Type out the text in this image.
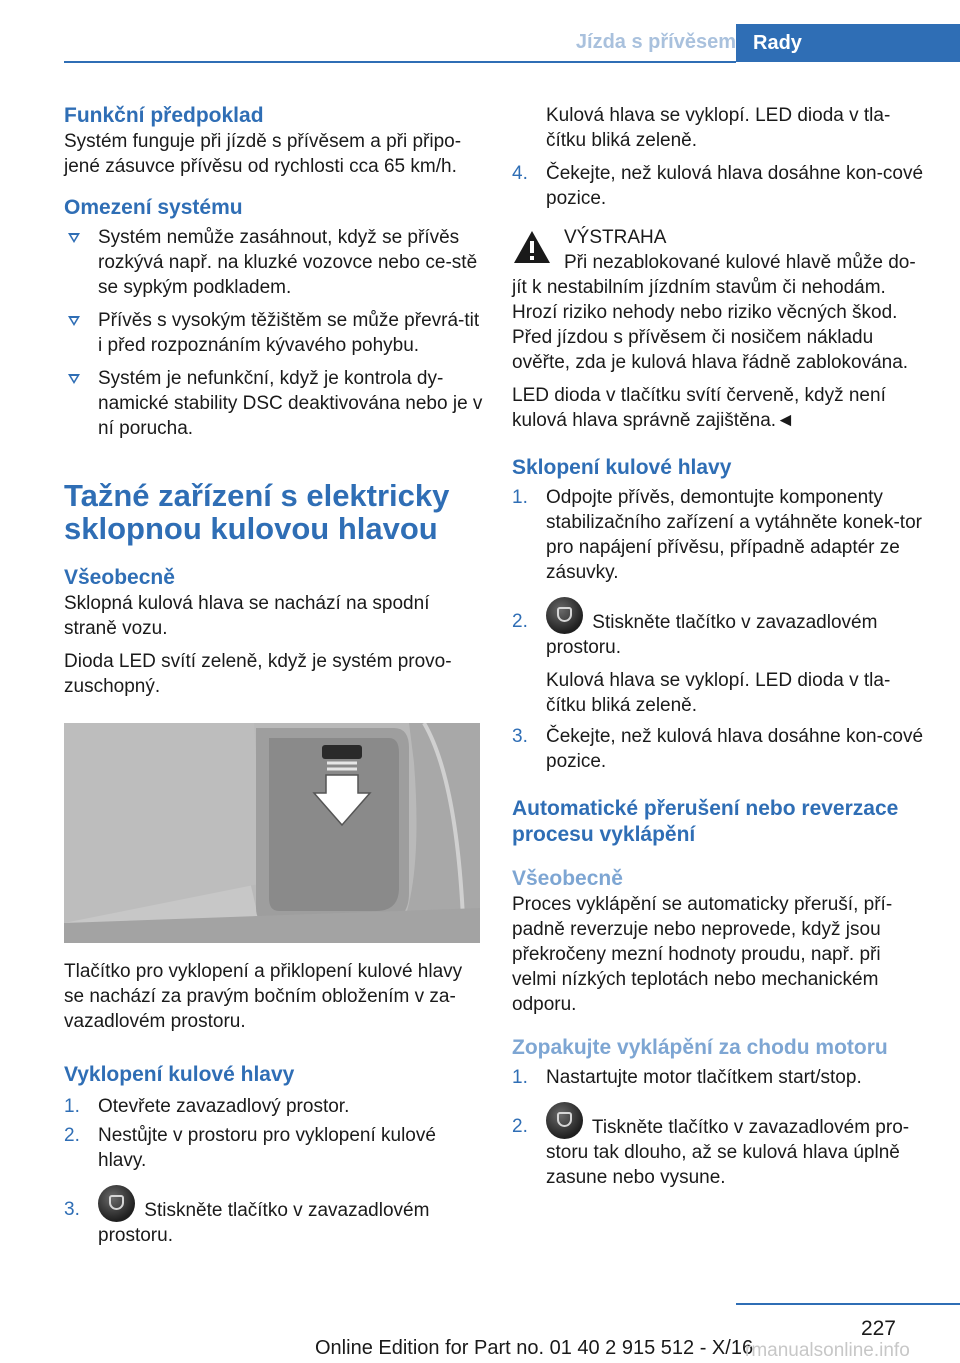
Jízda s přívěsem Rady
Funkční předpoklad

Systém funguje při jízdě s přívěsem a při připo‐jené zásuvce přívěsu od rychlosti cca 65 km/h.

Omezení systému
Systém nemůže zasáhnout, když se přívěs rozkývá např. na kluzké vozovce nebo ce‐stě se sypkým podkladem.
Přívěs s vysokým těžištěm se může převrá‐tit i před rozpoznáním kývavého pohybu.
Systém je nefunkční, když je kontrola dy‐namické stability DSC deaktivována nebo je v ní porucha.
Tažné zařízení s elektricky sklopnou kulovou hlavou
Všeobecně

Sklopná kulová hlava se nachází na spodní straně vozu.

Dioda LED svítí zeleně, když je systém provo‐zuschopný.

Tlačítko pro vyklopení a přiklopení kulové hlavy se nachází za pravým bočním obložením v za‐vazadlovém prostoru.

Vyklopení kulové hlavy
1. Otevřete zavazadlový prostor.
2. Nestůjte v prostoru pro vyklopení kulové hlavy.
3.	Stiskněte tlačítko v zavazadlovém prostoru.

Kulová hlava se vyklopí. LED dioda v tla‐čítku bliká zeleně.

4. Čekejte, než kulová hlava dosáhne kon‐cové pozice.

VÝSTRAHA

Při nezablokované kulové hlavě může do‐jít k nestabilním jízdním stavům či nehodám. Hrozí riziko nehody nebo riziko věcných škod. Před jízdou s přívěsem či nosičem nákladu ověřte, zda je kulová hlava řádně zablokována.

LED dioda v tlačítku svítí červeně, když není kulová hlava správně zajištěna.◄

Sklopení kulové hlavy
1. Odpojte přívěs, demontujte komponenty stabilizačního zařízení a vytáhněte konek‐tor pro napájení přívěsu, případně adaptér ze zásuvky.
2.	Stiskněte tlačítko v zavazadlovém prostoru.

Kulová hlava se vyklopí. LED dioda v tla‐čítku bliká zeleně.

3. Čekejte, než kulová hlava dosáhne kon‐cové pozice.
Automatické přerušení nebo reverzace procesu vyklápění
Všeobecně

Proces vyklápění se automaticky přeruší, pří‐padně reverzuje nebo neprovede, když jsou překročeny mezní hodnoty proudu, např. při velmi nízkých teplotách nebo mechanickém odporu.

Zopakujte vyklápění za chodu motoru
1. Nastartujte motor tlačítkem start/stop.
2.	Tiskněte tlačítko v zavazadlovém pro‐storu tak dlouho, až se kulová hlava úplně zasune nebo vysune.
227
Online Edition for Part no. 01 40 2 915 512 - X/16
rmanualsonline.info
